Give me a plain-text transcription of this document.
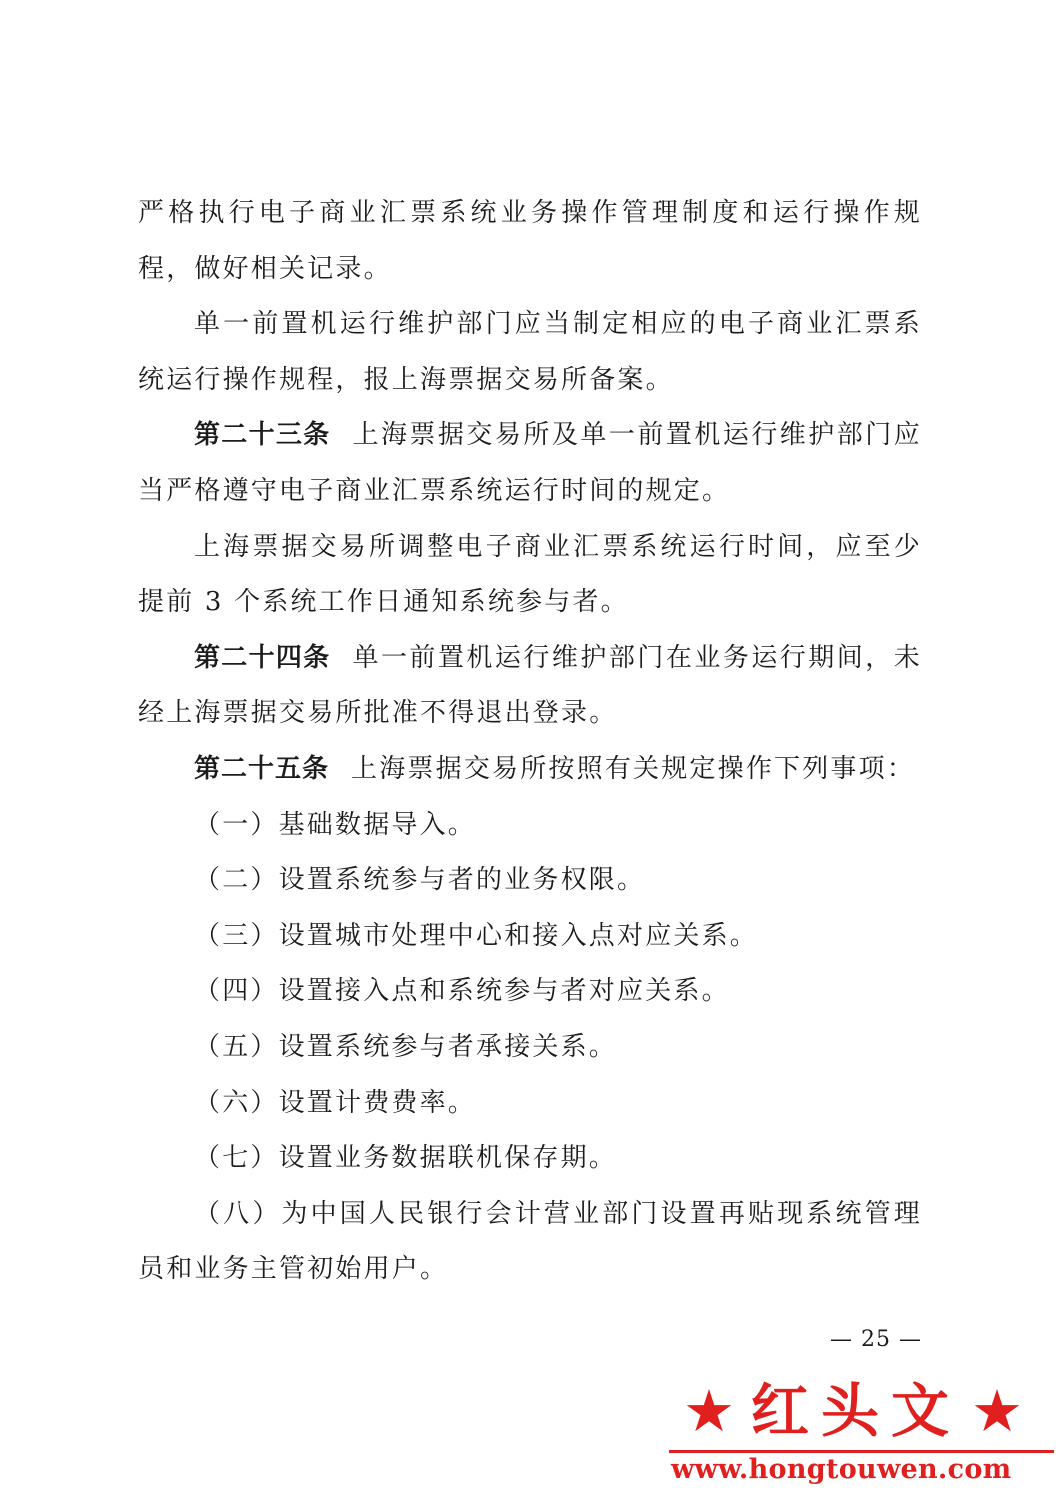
严格执行电子商业汇票系统业务操作管理制度和运行操作规程，做好相关记录。

单一前置机运行维护部门应当制定相应的电子商业汇票系统运行操作规程，报上海票据交易所备案。

第二十三条 上海票据交易所及单一前置机运行维护部门应当严格遵守电子商业汇票系统运行时间的规定。

上海票据交易所调整电子商业汇票系统运行时间，应至少提前 3 个系统工作日通知系统参与者。

第二十四条 单一前置机运行维护部门在业务运行期间，未经上海票据交易所批准不得退出登录。

第二十五条 上海票据交易所按照有关规定操作下列事项：

（一）基础数据导入。

（二）设置系统参与者的业务权限。

（三）设置城市处理中心和接入点对应关系。

（四）设置接入点和系统参与者对应关系。

（五）设置系统参与者承接关系。

（六）设置计费费率。

（七）设置业务数据联机保存期。

（八）为中国人民银行会计营业部门设置再贴现系统管理员和业务主管初始用户。

— 25 —
★ 红头文 ★
www.hongtouwen.com
